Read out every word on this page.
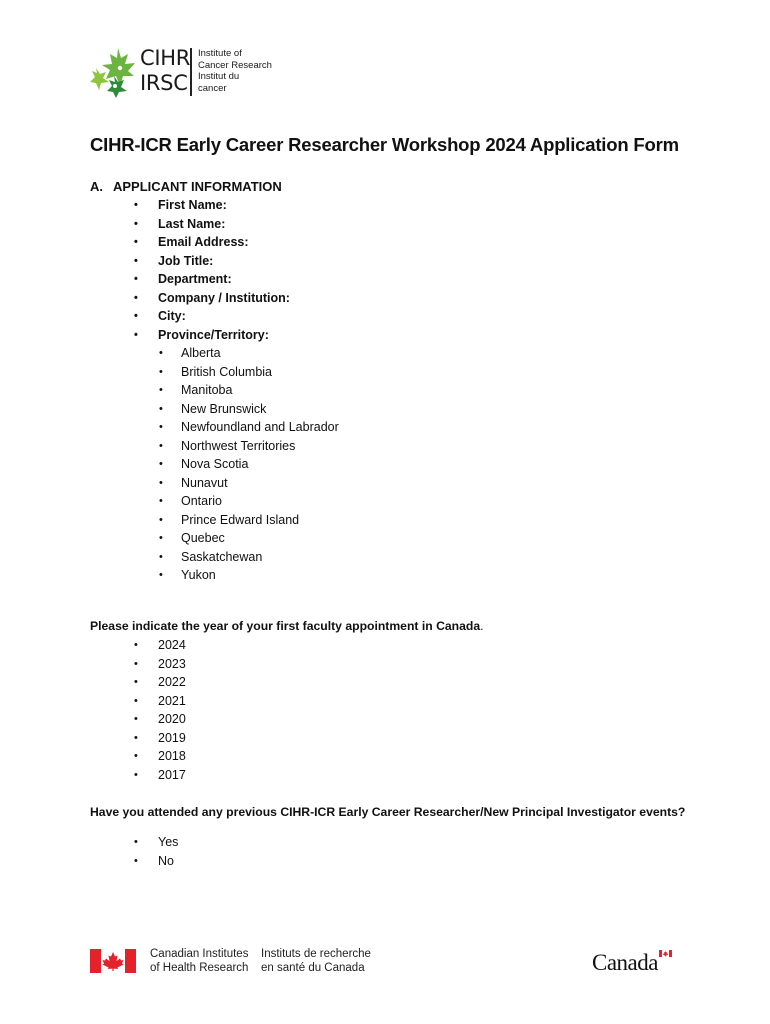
CIHR
IRSC
Institute of
Cancer Research
Institut du
cancer
CIHR-ICR Early Career Researcher Workshop 2024 Application Form
A. APPLICANT INFORMATION
• First Name:
• Last Name:
• Email Address:
• Job Title:
• Department:
• Company / Institution:
• City:
• Province/Territory:
• Alberta
• British Columbia
• Manitoba
• New Brunswick
• Newfoundland and Labrador
• Northwest Territories
• Nova Scotia
• Nunavut
• Ontario
• Prince Edward Island
• Quebec
• Saskatchewan
• Yukon
Please indicate the year of your first faculty appointment in Canada.
• 2024
• 2023
• 2022
• 2021
• 2020
• 2019
• 2018
• 2017
Have you attended any previous CIHR-ICR Early Career Researcher/New Principal Investigator events?
• Yes
• No
Canadian Institutes
of Health Research
Instituts de recherche
en santé du Canada	Canada
